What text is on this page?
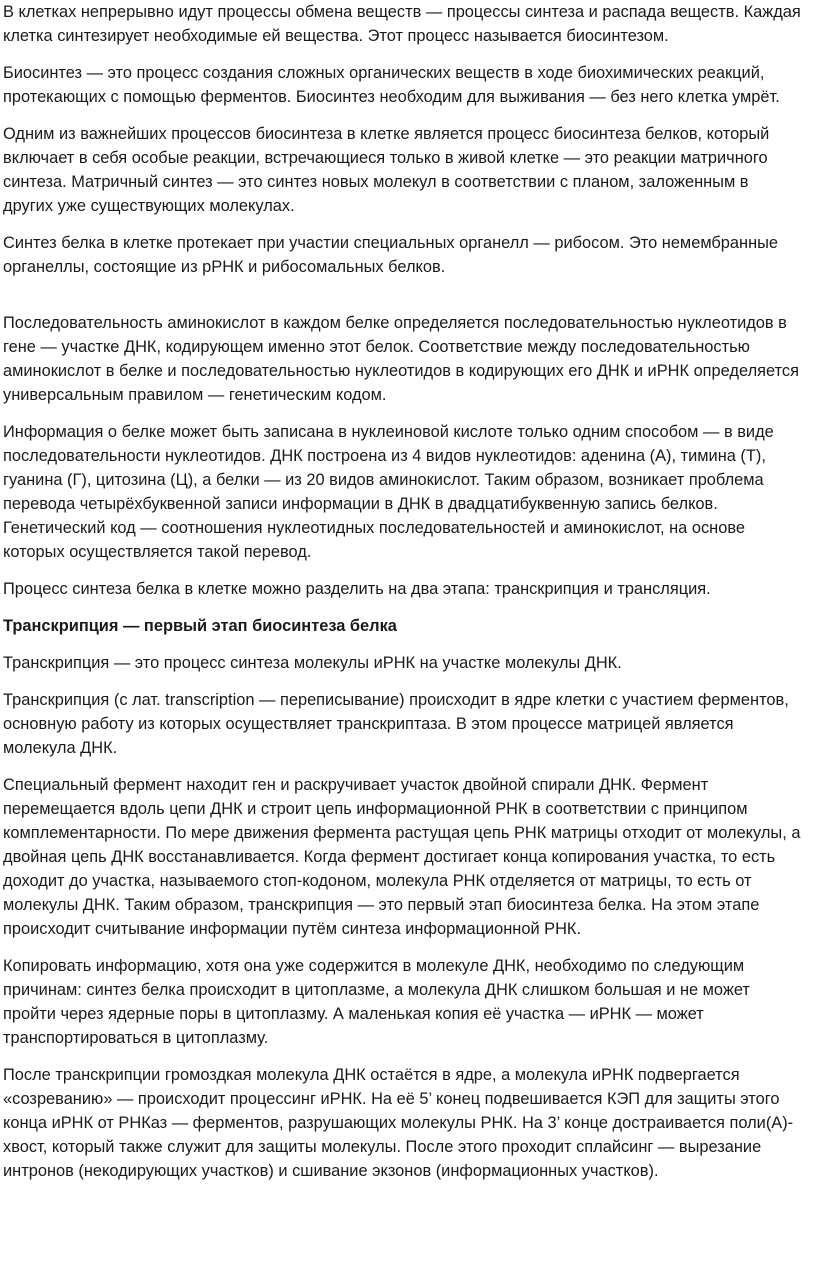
В клетках непрерывно идут процессы обмена веществ — процессы синтеза и распада веществ. Каждая клетка синтезирует необходимые ей вещества. Этот процесс называется биосинтезом.

Биосинтез — это процесс создания сложных органических веществ в ходе биохимических реакций, протекающих с помощью ферментов. Биосинтез необходим для выживания — без него клетка умрёт.

Одним из важнейших процессов биосинтеза в клетке является процесс биосинтеза белков, который включает в себя особые реакции, встречающиеся только в живой клетке — это реакции матричного синтеза. Матричный синтез — это синтез новых молекул в соответствии с планом, заложенным в других уже существующих молекулах.

Синтез белка в клетке протекает при участии специальных органелл — рибосом. Это немембранные органеллы, состоящие из рРНК и рибосомальных белков.

Последовательность аминокислот в каждом белке определяется последовательностью нуклеотидов в гене — участке ДНК, кодирующем именно этот белок. Соответствие между последовательностью аминокислот в белке и последовательностью нуклеотидов в кодирующих его ДНК и иРНК определяется универсальным правилом — генетическим кодом.

Информация о белке может быть записана в нуклеиновой кислоте только одним способом — в виде последовательности нуклеотидов. ДНК построена из 4 видов нуклеотидов: аденина (А), тимина (Т), гуанина (Г), цитозина (Ц), а белки — из 20 видов аминокислот. Таким образом, возникает проблема перевода четырёхбуквенной записи информации в ДНК в двадцатибуквенную запись белков. Генетический код — соотношения нуклеотидных последовательностей и аминокислот, на основе которых осуществляется такой перевод.

Процесс синтеза белка в клетке можно разделить на два этапа: транскрипция и трансляция.

Транскрипция — первый этап биосинтеза белка

Транскрипция — это процесс синтеза молекулы иРНК на участке молекулы ДНК.

Транскрипция (с лат. transcription — переписывание) происходит в ядре клетки с участием ферментов, основную работу из которых осуществляет транскриптаза. В этом процессе матрицей является молекула ДНК.

Специальный фермент находит ген и раскручивает участок двойной спирали ДНК. Фермент перемещается вдоль цепи ДНК и строит цепь информационной РНК в соответствии с принципом комплементарности. По мере движения фермента растущая цепь РНК матрицы отходит от молекулы, а двойная цепь ДНК восстанавливается. Когда фермент достигает конца копирования участка, то есть доходит до участка, называемого стоп-кодоном, молекула РНК отделяется от матрицы, то есть от молекулы ДНК. Таким образом, транскрипция — это первый этап биосинтеза белка. На этом этапе происходит считывание информации путём синтеза информационной РНК.

Копировать информацию, хотя она уже содержится в молекуле ДНК, необходимо по следующим причинам: синтез белка происходит в цитоплазме, а молекула ДНК слишком большая и не может пройти через ядерные поры в цитоплазму. А маленькая копия её участка — иРНК — может транспортироваться в цитоплазму.

После транскрипции громоздкая молекула ДНК остаётся в ядре, а молекула иРНК подвергается «созреванию» — происходит процессинг иРНК. На её 5’ конец подвешивается КЭП для защиты этого конца иРНК от РНКаз — ферментов, разрушающих молекулы РНК. На 3’ конце достраивается поли(А)-хвост, который также служит для защиты молекулы. После этого проходит сплайсинг — вырезание интронов (некодирующих участков) и сшивание экзонов (информационных участков).
